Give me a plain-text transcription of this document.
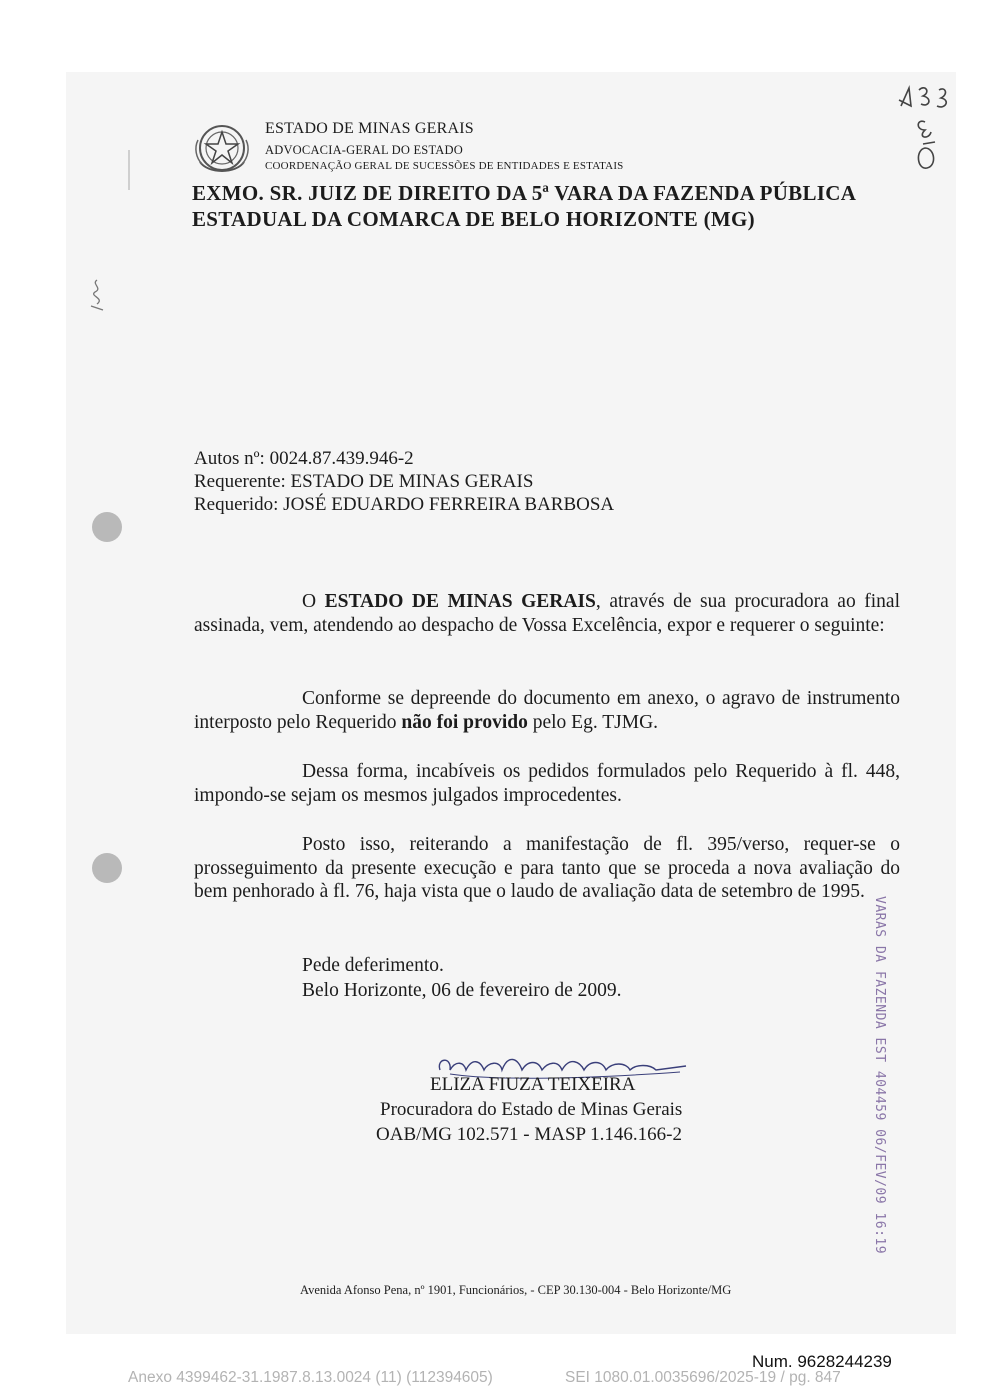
ESTADO DE MINAS GERAIS
ADVOCACIA-GERAL DO ESTADO
COORDENAÇÃO GERAL DE SUCESSÕES DE ENTIDADES E ESTATAIS
EXMO. SR. JUIZ DE DIREITO DA 5ª VARA DA FAZENDA PÚBLICA
ESTADUAL DA COMARCA DE BELO HORIZONTE (MG)
Autos nº: 0024.87.439.946-2
Requerente: ESTADO DE MINAS GERAIS
Requerido: JOSÉ EDUARDO FERREIRA BARBOSA
O ESTADO DE MINAS GERAIS, através de sua procuradora ao final assinada, vem, atendendo ao despacho de Vossa Excelência, expor e requerer o seguinte:
Conforme se depreende do documento em anexo, o agravo de instrumento interposto pelo Requerido não foi provido pelo Eg. TJMG.
Dessa forma, incabíveis os pedidos formulados pelo Requerido à fl. 448, impondo-se sejam os mesmos julgados improcedentes.
Posto isso, reiterando a manifestação de fl. 395/verso, requer-se o prosseguimento da presente execução e para tanto que se proceda a nova avaliação do bem penhorado à fl. 76, haja vista que o laudo de avaliação data de setembro de 1995.
Pede deferimento.
Belo Horizonte, 06 de fevereiro de 2009.
ELIZA FIUZA TEIXEIRA
Procuradora do Estado de Minas Gerais
OAB/MG 102.571 - MASP 1.146.166-2	VARAS DA FAZENDA EST 404459 06/FEV/09 16:19
Avenida Afonso Pena, nº 1901, Funcionários, - CEP 30.130-004 - Belo Horizonte/MG
Num. 9628244239
Anexo 4399462-31.1987.8.13.0024 (11) (112394605)	SEI 1080.01.0035696/2025-19 / pg. 847
